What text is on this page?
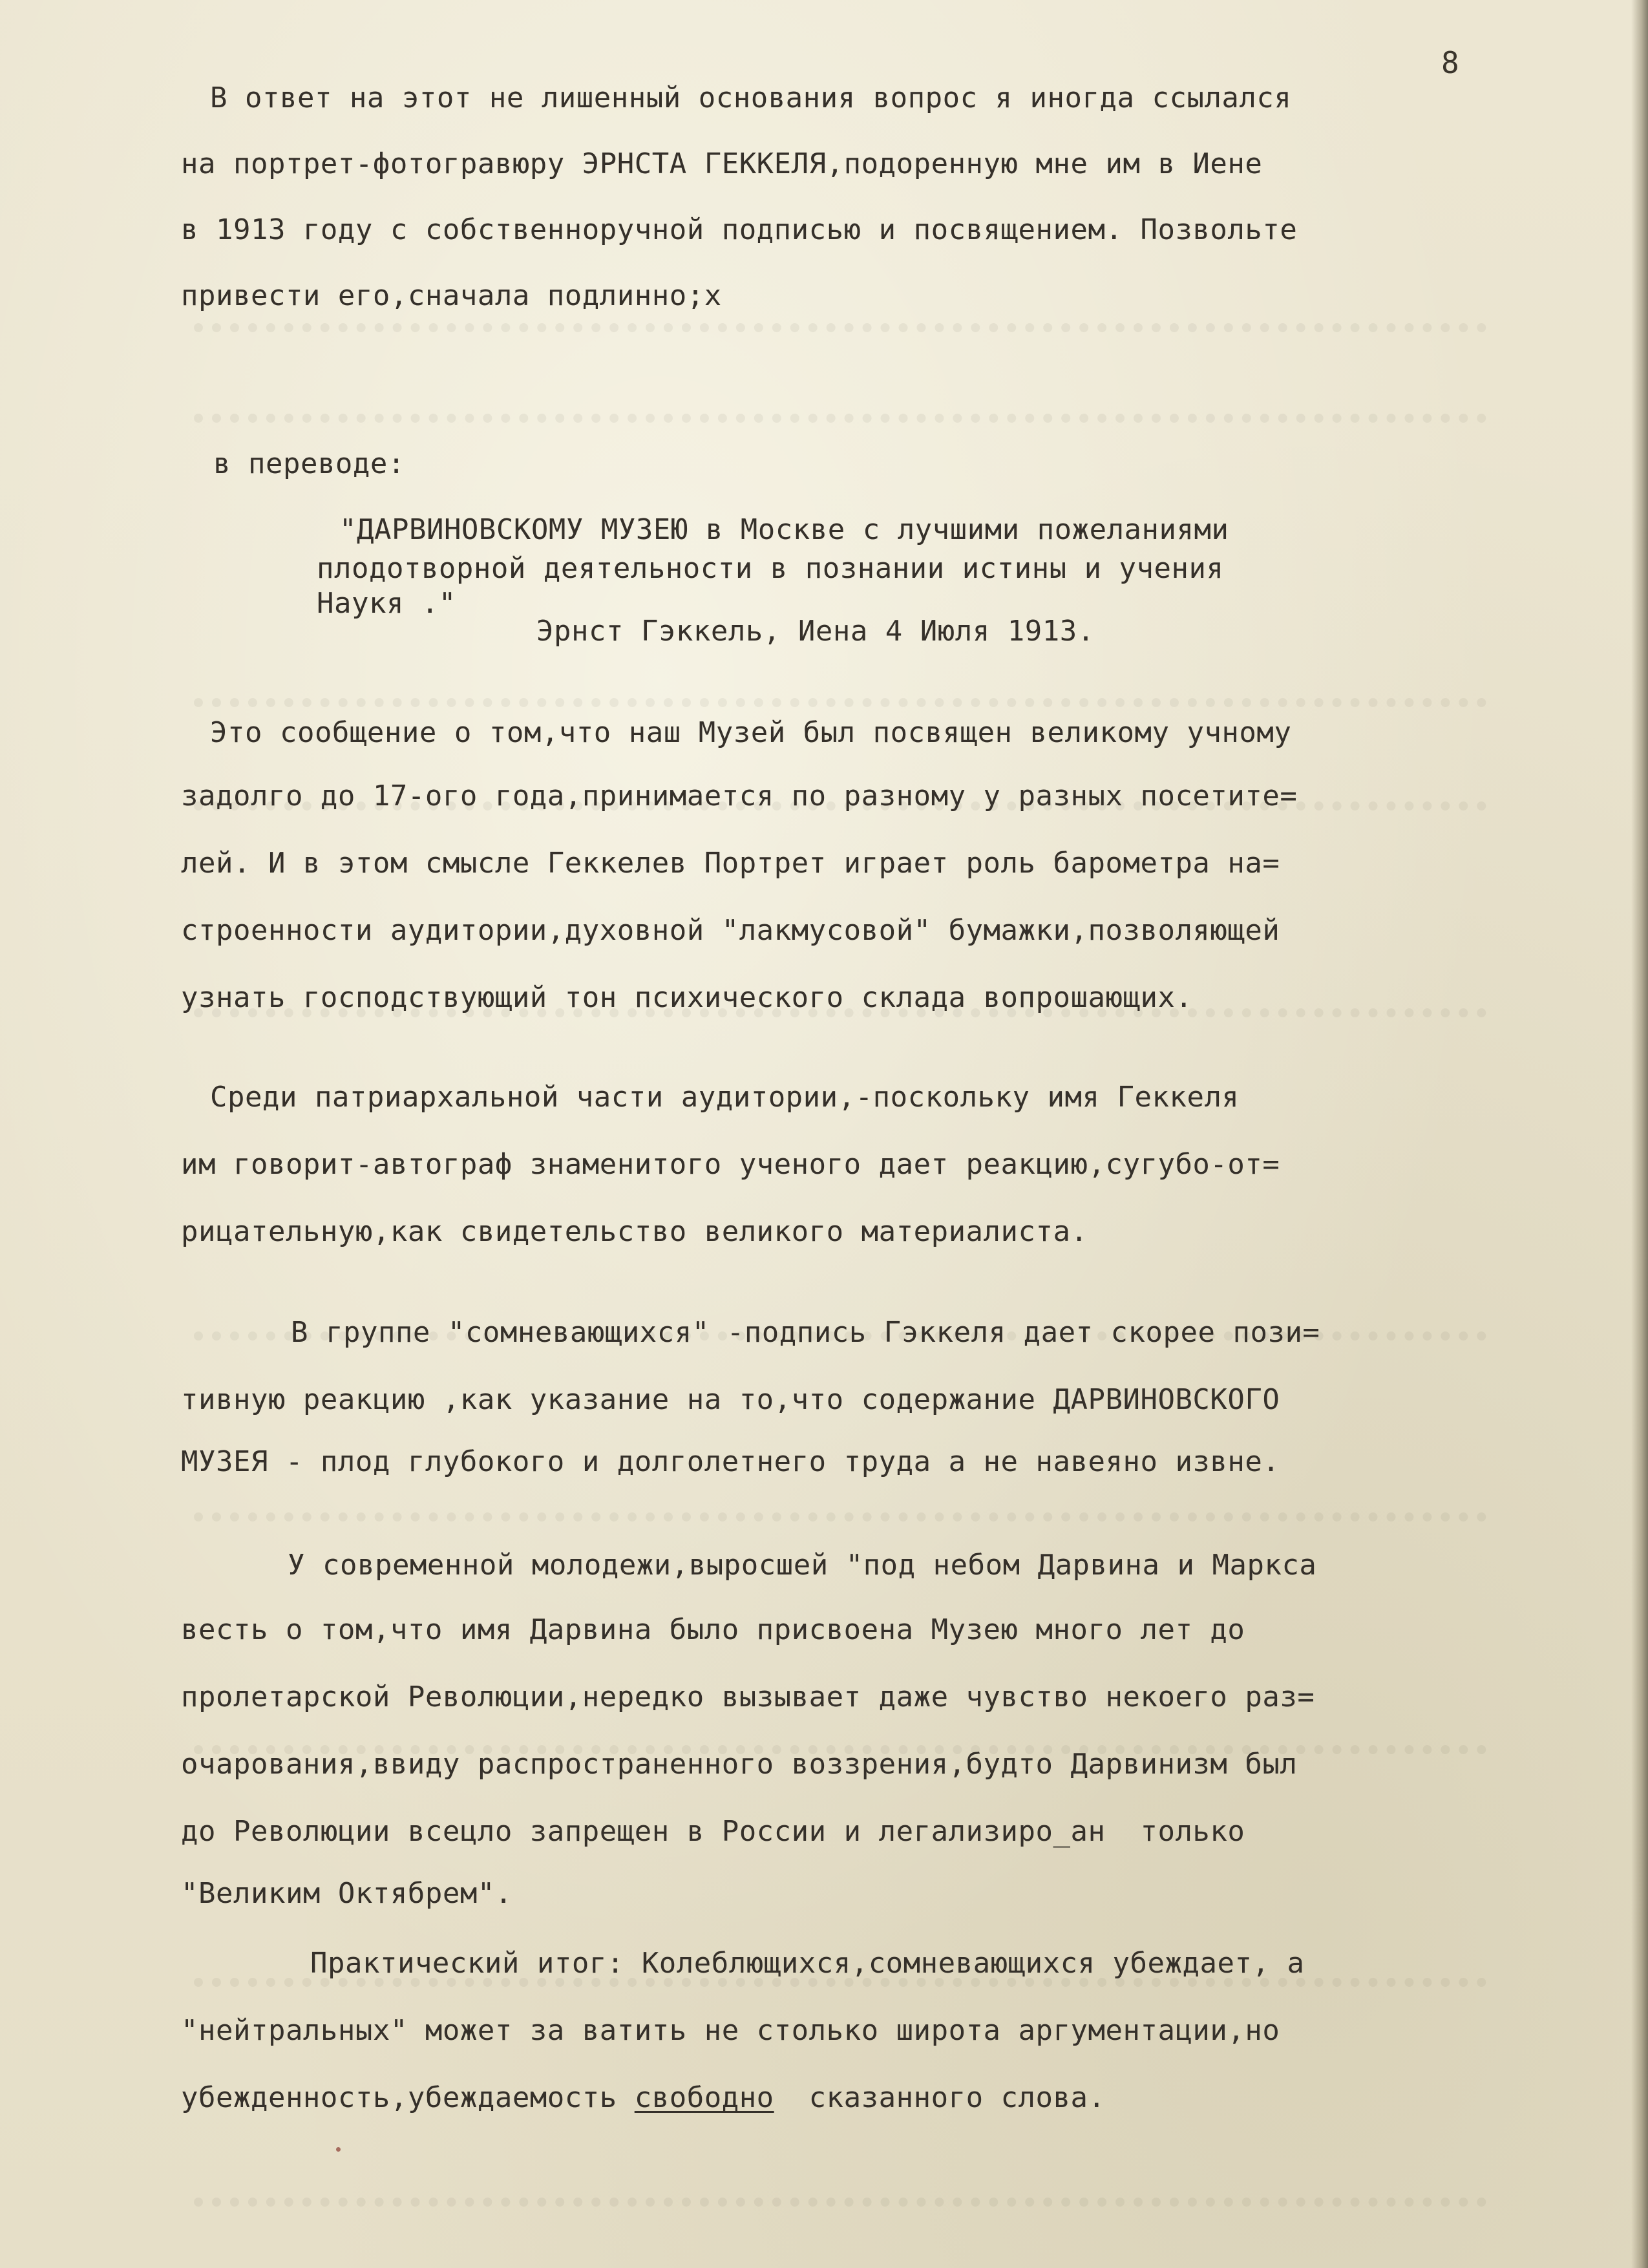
8
В ответ на этот не лишенный основания вопрос я иногда ссылался
на портрет-фотогравюру ЭРНСТА ГЕККЕЛЯ,подоренную мне им в Иене
в 1913 году с собственноручной подписью и посвящением. Позвольте
привести его,сначала подлинно;х
в переводе:
"ДАРВИНОВСКОМУ МУЗЕЮ в Москве с лучшими пожеланиями
плодотворной деятельности в познании истины и учения
Наукя ."
Эрнст Гэккель, Иена 4 Июля 1913.
Это сообщение о том,что наш Музей был посвящен великому учному
задолго до 17-ого года,принимается по разному у разных посетите=
лей. И в этом смысле Геккелев Портрет играет роль барометра на=
строенности аудитории,духовной "лакмусовой" бумажки,позволяющей
узнать господствующий тон психического склада вопрошающих.
Среди патриархальной части аудитории,-поскольку имя Геккеля
им говорит-автограф знаменитого ученого дает реакцию,сугубо-от=
рицательную,как свидетельство великого материалиста.
В группе "сомневающихся" -подпись Гэккеля дает скорее пози=
тивную реакцию ,как указание на то,что содержание ДАРВИНОВСКОГО
МУЗЕЯ - плод глубокого и долголетнего труда а не навеяно извне.
У современной молодежи,выросшей "под небом Дарвина и Маркса
весть о том,что имя Дарвина было присвоена Музею много лет до
пролетарской Революции,нередко вызывает даже чувство некоего раз=
очарования,ввиду распространенного воззрения,будто Дарвинизм был
до Революции всецло запрещен в России и легализиро_ан  только
"Великим Октябрем".
Практический итог: Колеблющихся,сомневающихся убеждает, а
"нейтральных" может за ватить не столько широта аргументации,но
убежденность,убеждаемость свободно  сказанного слова.
